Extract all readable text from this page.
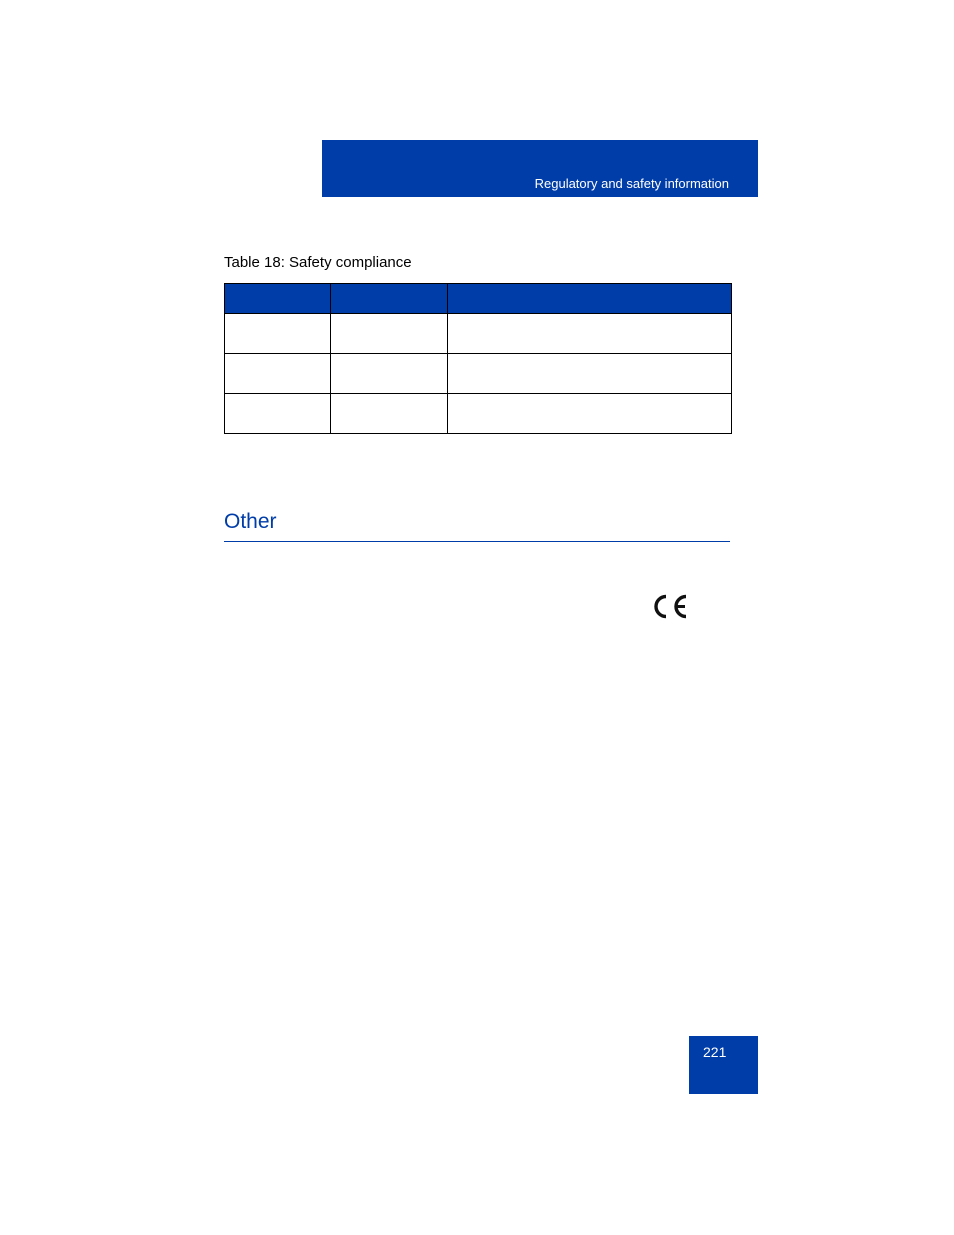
Regulatory and safety information
Table 18: Safety compliance

Other
221
